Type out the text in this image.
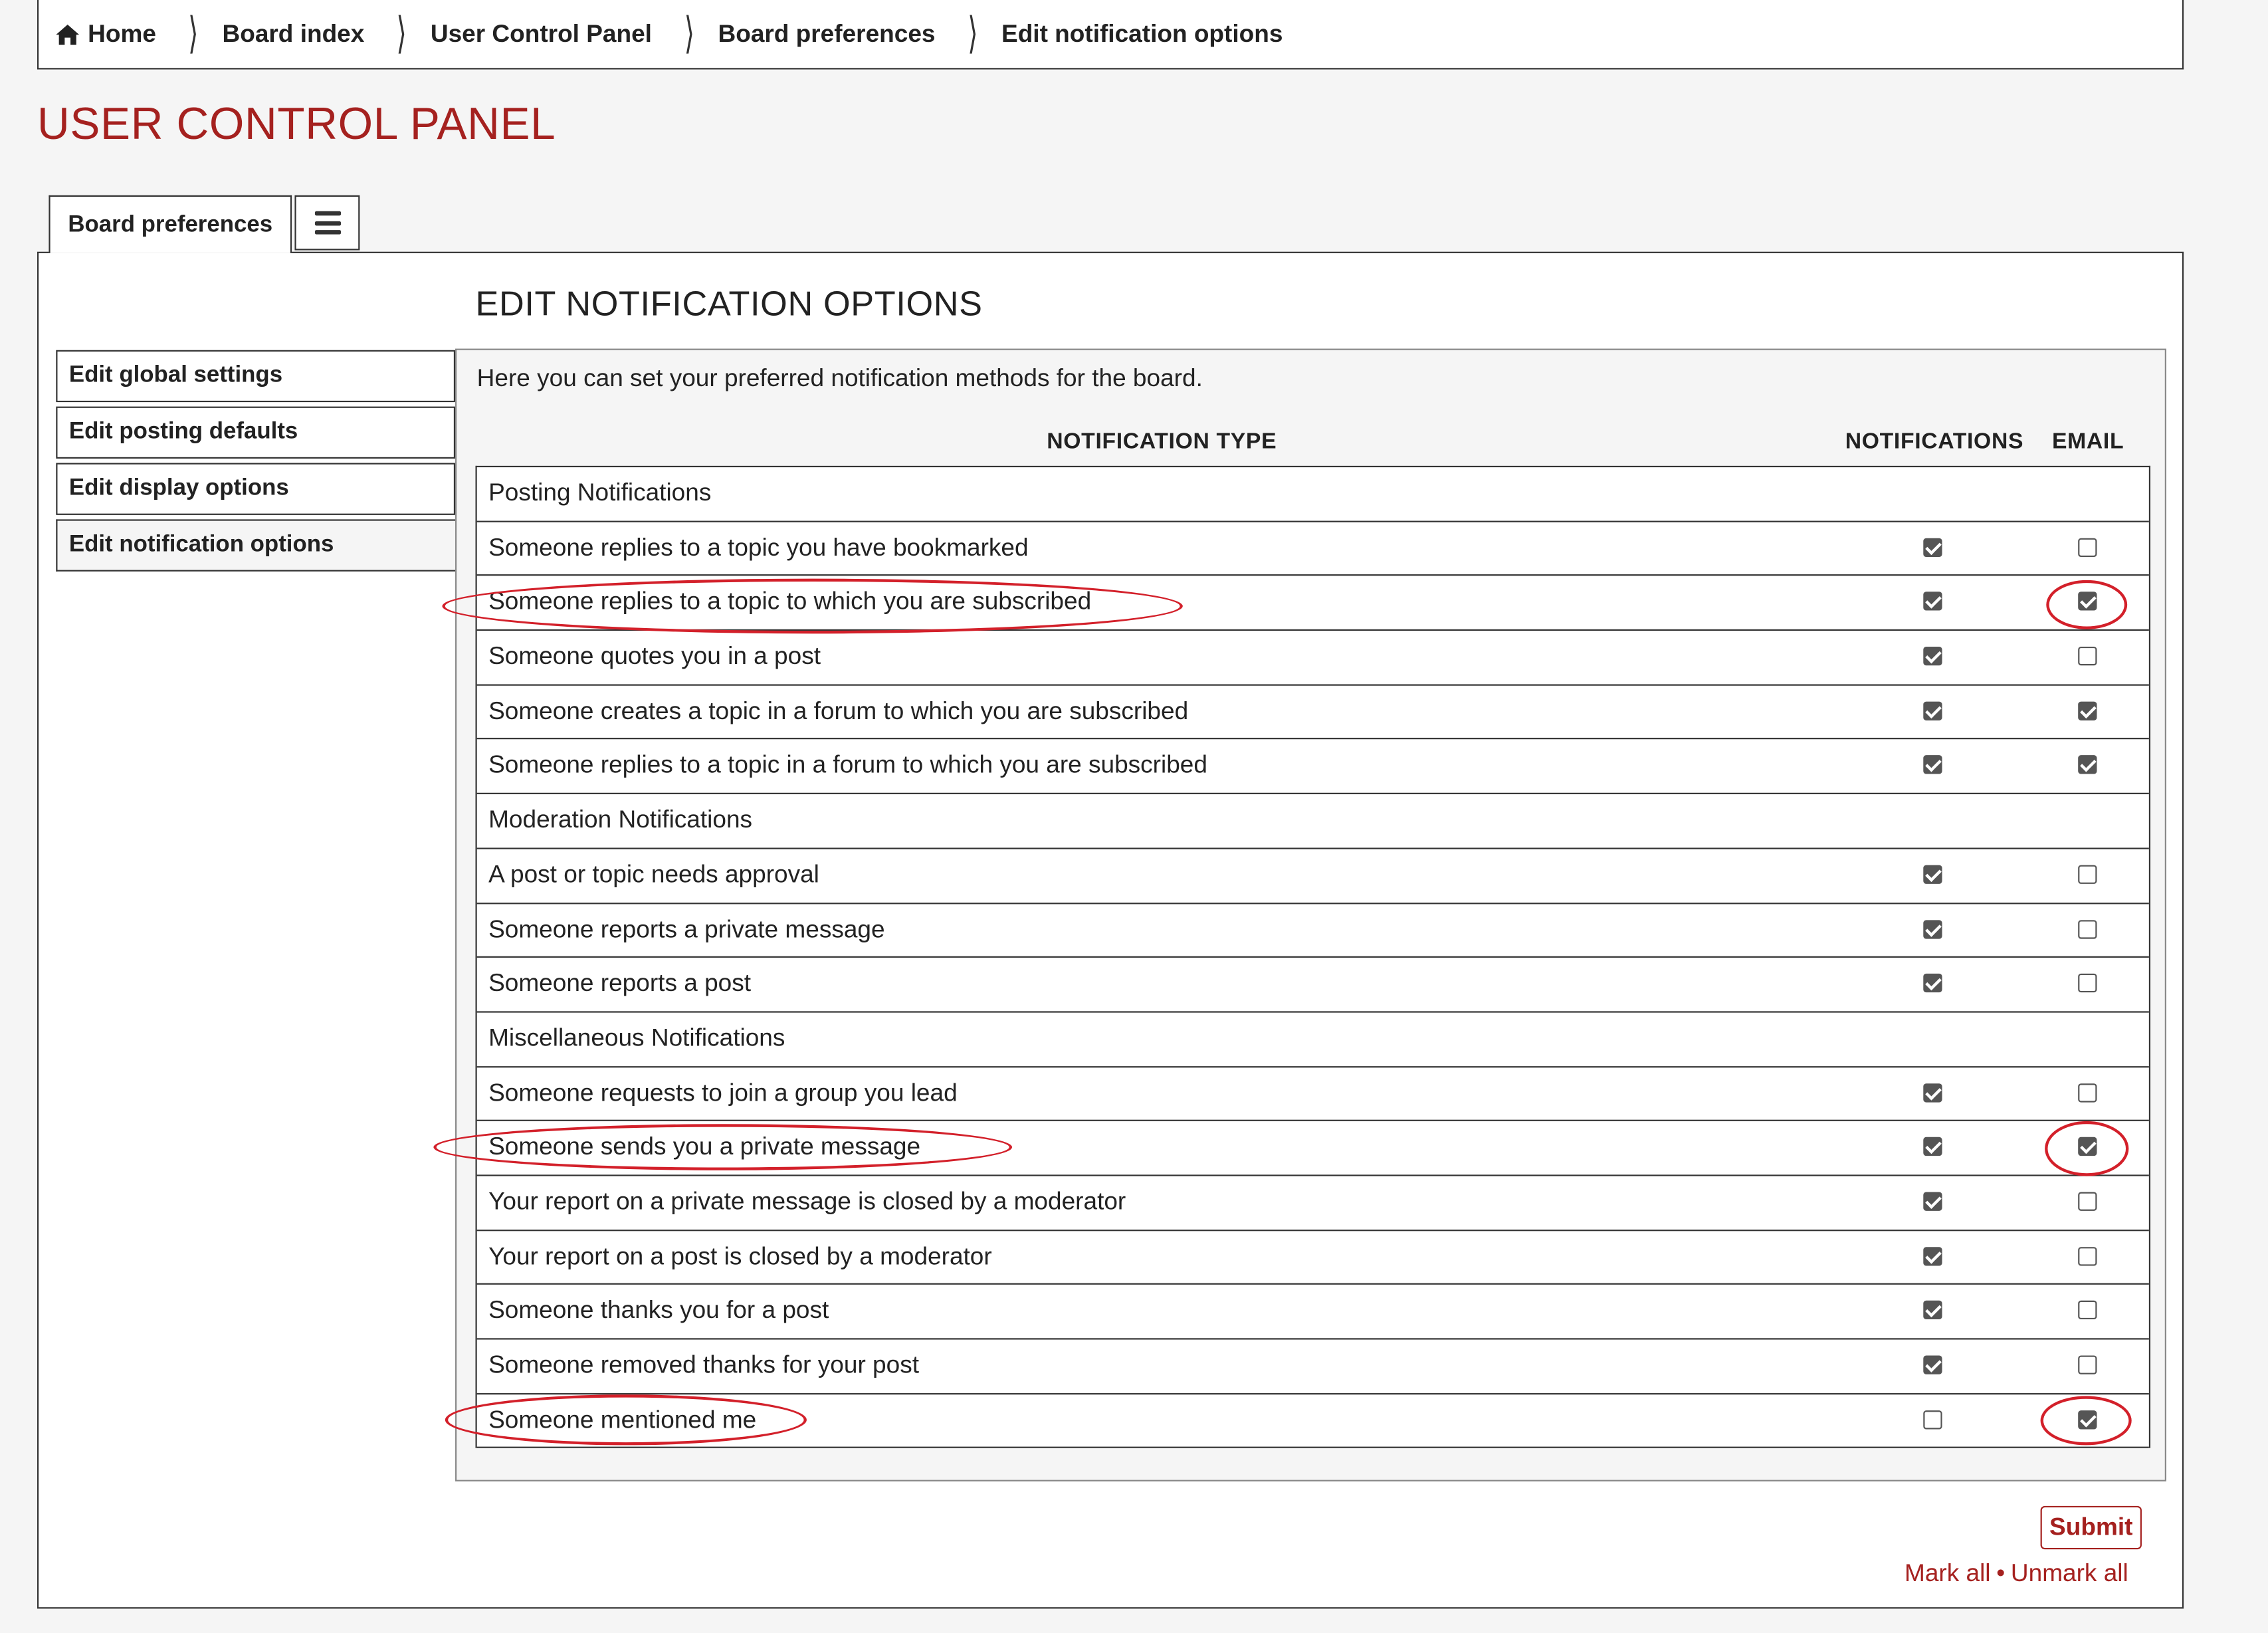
Home ⟩ Board index ⟩ User Control Panel ⟩ Board preferences ⟩ Edit notification options
USER CONTROL PANEL
Board preferences
EDIT NOTIFICATION OPTIONS
Edit global settings
Edit posting defaults
Edit display options
Edit notification options
Here you can set your preferred notification methods for the board.
NOTIFICATION TYPE	NOTIFICATIONS	EMAIL
Posting Notifications
Someone replies to a topic you have bookmarked
Someone replies to a topic to which you are subscribed
Someone quotes you in a post
Someone creates a topic in a forum to which you are subscribed
Someone replies to a topic in a forum to which you are subscribed
Moderation Notifications
A post or topic needs approval
Someone reports a private message
Someone reports a post
Miscellaneous Notifications
Someone requests to join a group you lead
Someone sends you a private message
Your report on a private message is closed by a moderator
Your report on a post is closed by a moderator
Someone thanks you for a post
Someone removed thanks for your post
Someone mentioned me
Submit
Mark all • Unmark all
